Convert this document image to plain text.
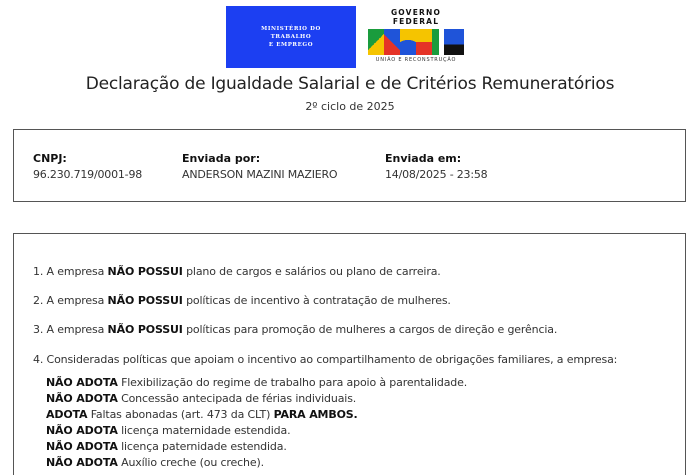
MINISTÉRIO DO
TRABALHO
E EMPREGO
GOVERNO FEDERAL
UNIÃO E RECONSTRUÇÃO
Declaração de Igualdade Salarial e de Critérios Remuneratórios
2º ciclo de 2025
CNPJ:
96.230.719/0001-98
Enviada por:
ANDERSON MAZINI MAZIERO
Enviada em:
14/08/2025 - 23:58
1. A empresa NÃO POSSUI plano de cargos e salários ou plano de carreira.
2. A empresa NÃO POSSUI políticas de incentivo à contratação de mulheres.
3. A empresa NÃO POSSUI políticas para promoção de mulheres a cargos de direção e gerência.
4. Consideradas políticas que apoiam o incentivo ao compartilhamento de obrigações familiares, a empresa:
NÃO ADOTA Flexibilização do regime de trabalho para apoio à parentalidade.
NÃO ADOTA Concessão antecipada de férias individuais.
ADOTA Faltas abonadas (art. 473 da CLT) PARA AMBOS.
NÃO ADOTA licença maternidade estendida.
NÃO ADOTA licença paternidade estendida.
NÃO ADOTA Auxílio creche (ou creche).
